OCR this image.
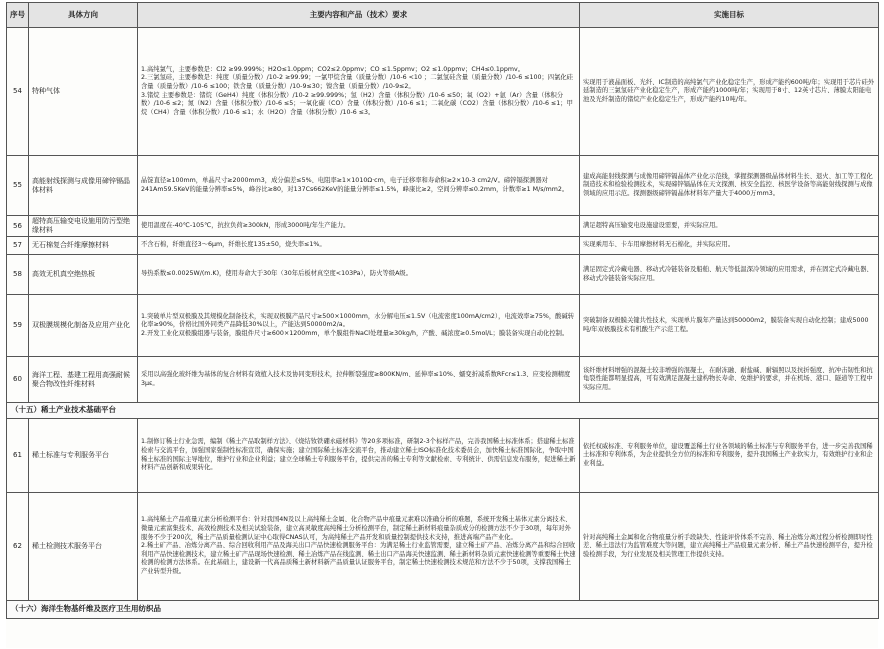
序号	具体方向	主要内容和产品（技术）要求	实施目标
54	特种气体	1.高纯氯气，主要参数是：Cl2 ≥99.999%；H2O≤1.0ppm；CO2≤2.0ppmv；CO ≤1.5ppmv；O2 ≤1.0ppmv；CH4≤0.1ppmv。
2.三氯氢硅，主要参数是：纯度（质量分数）/10-2 ≥99.99；一氯甲烷含量（质量分数）/10-6 <10 ；二氯氢硅含量（质量分数）/10-6 ≤100；四氯化硅含量（质量分数）/10-6 ≤100；铁含量（质量分数）/10-9≤30；镍含量（质量分数）/10-9≤2。
3.锗烷 主要参数是：锗烷（GeH4）纯度（体积分数）/10-2 ≥99.999%；氢（H2）含量（体积分数）/10-6 ≤50；氧（O2）+氩（Ar）含量（体积分数）/10-6 ≤2；氮（N2）含量（体积分数）/10-6 ≤5；一氧化碳（CO）含量（体积分数）/10-6 ≤1；二氧化碳（CO2）含量（体积分数）/10-6 ≤1；甲烷（CH4）含量（体积分数）/10-6 ≤1；水（H2O）含量（体积分数）/10-6 ≤3。	实现用于液晶面板、光纤、IC制造的高纯氯气产业化稳定生产，形成产能约600吨/年；实现用于芯片硅外延制造的三氯氢硅产业化稳定生产，形成产能约1000吨/年；实现用于8寸、12英寸芯片、薄膜太阳能电池及光纤制造的锗烷产业化稳定生产，形成产能约10吨/年。
55	高能射线探测与成像用碲锌镉晶体材料	晶锭直径≥100mm，单晶尺寸≥2000mm3，成分偏差≤5%、电阻率≥1×1010Ω·cm，电子迁移率和寿命积≥2×10-3 cm2/V。碲锌镉探测器对241Am59.5KeV的能量分辨率≤5%，峰谷比≥80，对137Cs662KeV的能量分辨率≤1.5%，峰康比≥2，空间分辨率≤0.2mm，计数率≥1 M/s/mm2。	建成高能射线探测与成像用碲锌镉晶体产业化示范线，掌握探测器级晶体材料生长、退火、加工等工程化制造技术和检验检测技术，实现碲锌镉晶体在天文探测、核安全监控、核医学设备等高能射线探测与成像领域的应用示范。探测器级碲锌镉晶体材料年产量大于4000万mm3。
56	超特高压输变电设施用防污型绝缘材料	使用温度在-40℃-105℃，抗拉负荷≥300kN，形成3000吨/年生产能力。	满足超特高压输变电设施建设需要，并实际应用。
57	无石棉复合纤维摩擦材料	不含石棉，纤维直径3～6μm，纤维长度135±50，烧失率≤1%。	实现乘用车、卡车用摩擦材料无石棉化，并实际应用。
58	高效无机真空绝热板	导热系数≤0.0025W/(m.K)，使用寿命大于30年（30年后板材真空度<103Pa），防火等级A级。	满足固定式冷藏电器、移动式冷链装备及船舶、航天等低温深冷领域的应用需求，并在固定式冷藏电器、移动式冷链装备实际应用。
59	双极膜规模化制备及应用产业化	1.突破单片型双极膜及其规模化制备技术，实现双极膜产品尺寸≥500×1000mm，水分解电压≤1.5V（电流密度100mA/cm2），电流效率≥75%，酸碱转化率≥90%，价格比国外同类产品降低30%以上，产能达到50000m2/a。
2.开发工业化双极膜组器与装备，膜组件尺寸≥600×1200mm，单个膜组件NaCl处理量≥30kg/h，产酸、碱浓度≥0.5mol/L；膜装备实现自动化控制。	突破制备双极膜关键共性技术，实现单片膜年产量达到50000m2，膜装备实现自动化控制；建成5000吨/年双极膜技术有机酸生产示范工程。
60	海洋工程、基建工程用高强耐候聚合物改性纤维材料	采用以高强化玻纤维为基体的复合材料有效植入技术及协同变形技术，拉伸断裂强度≥800KN/m、延伸率≤10%、蠕变折减系数RFcr≤1.3、应变检测精度3με。	该纤维材料增强的混凝土较非增强的混凝土，在耐冻融、耐盐碱、耐辐照以及抗折强度、抗冲击韧性和抗龟裂性能都明显提高，可有效满足混凝土建构物长寿命、免维护的要求，并在机场、港口、隧道等工程中实际应用。
（十五）稀土产业技术基础平台			
61	稀土标准与专利服务平台	1.制修订稀土行业急需，编制《稀土产品取制样方法》、《烧结钕铁硼永磁材料》等20多项标准，研制2-3个标样产品，完善我国稀土标准体系；搭建稀土标准检索与交流平台，加强国家强制性标准宣贯，确保实施；建立国际稀土标准交流平台，推动建立稀土ISO标准化技术委员会，加快稀土标准国际化，争取中国稀土标准的国际主导地位，维护行业和企业利益；建立全球稀土专利服务平台，提供完善的稀土专利等文献检索、专利统计、供需信息发布服务，促进稀土新材料产品创新和成果转化。	依托权威标准、专利服务单位，建设覆盖稀土行业各领域的稀土标准与专利服务平台，进一步完善我国稀土标准和专利体系，为企业提供全方位的标准和专利服务，提升我国稀土产业软实力，有效维护行业和企业利益。
62	稀土检测技术服务平台	1.高纯稀土产品痕量元素分析检测平台：针对我国4N及以上高纯稀土金属、化合物产品中痕量元素难以准确分析的难题，系统开发稀土基体元素分离技术、微量元素富集技术、高效检测技术及相关试验装备，建立高灵敏度高纯稀土分析检测平台，制定稀土新材料痕量杂质成分的检测方法不少于30项，每年对外服务不少于200次，稀土产品质量检测认证中心取得CNAS认可，为高纯稀土产品开发和质量控制提供技术支持，推进高端产品产业化。
2.稀土矿产品、冶炼分离产品、综合回收利用产品及海关出口产品快速检测服务平台：为满足稀土行业监管需要，建立稀土矿产品、冶炼分离产品和综合回收利用产品快速检测技术，建立稀土矿产品现场快速检测、稀土冶炼产品在线监测、稀土出口产品海关快速监测、稀土新材料杂质元素快速检测等重要稀土快速检测的检测方法体系。在此基础上，建设新一代高品质稀土新材料新产品质量认证服务平台，制定稀土快速检测技术规范和方法不少于50项，支撑我国稀土产业转型升级。	针对高纯稀土金属和化合物痕量分析手段缺失、性能评价体系不完善、稀土冶炼分离过程分析检测即时性差、稀土违法行为监管难度大等问题，建立高纯稀土产品痕量元素分析、稀土产品快速检测平台，提升检验检测手段，为行业发展及相关管理工作提供支持。
（十六）海洋生物基纤维及医疗卫生用纺织品			
